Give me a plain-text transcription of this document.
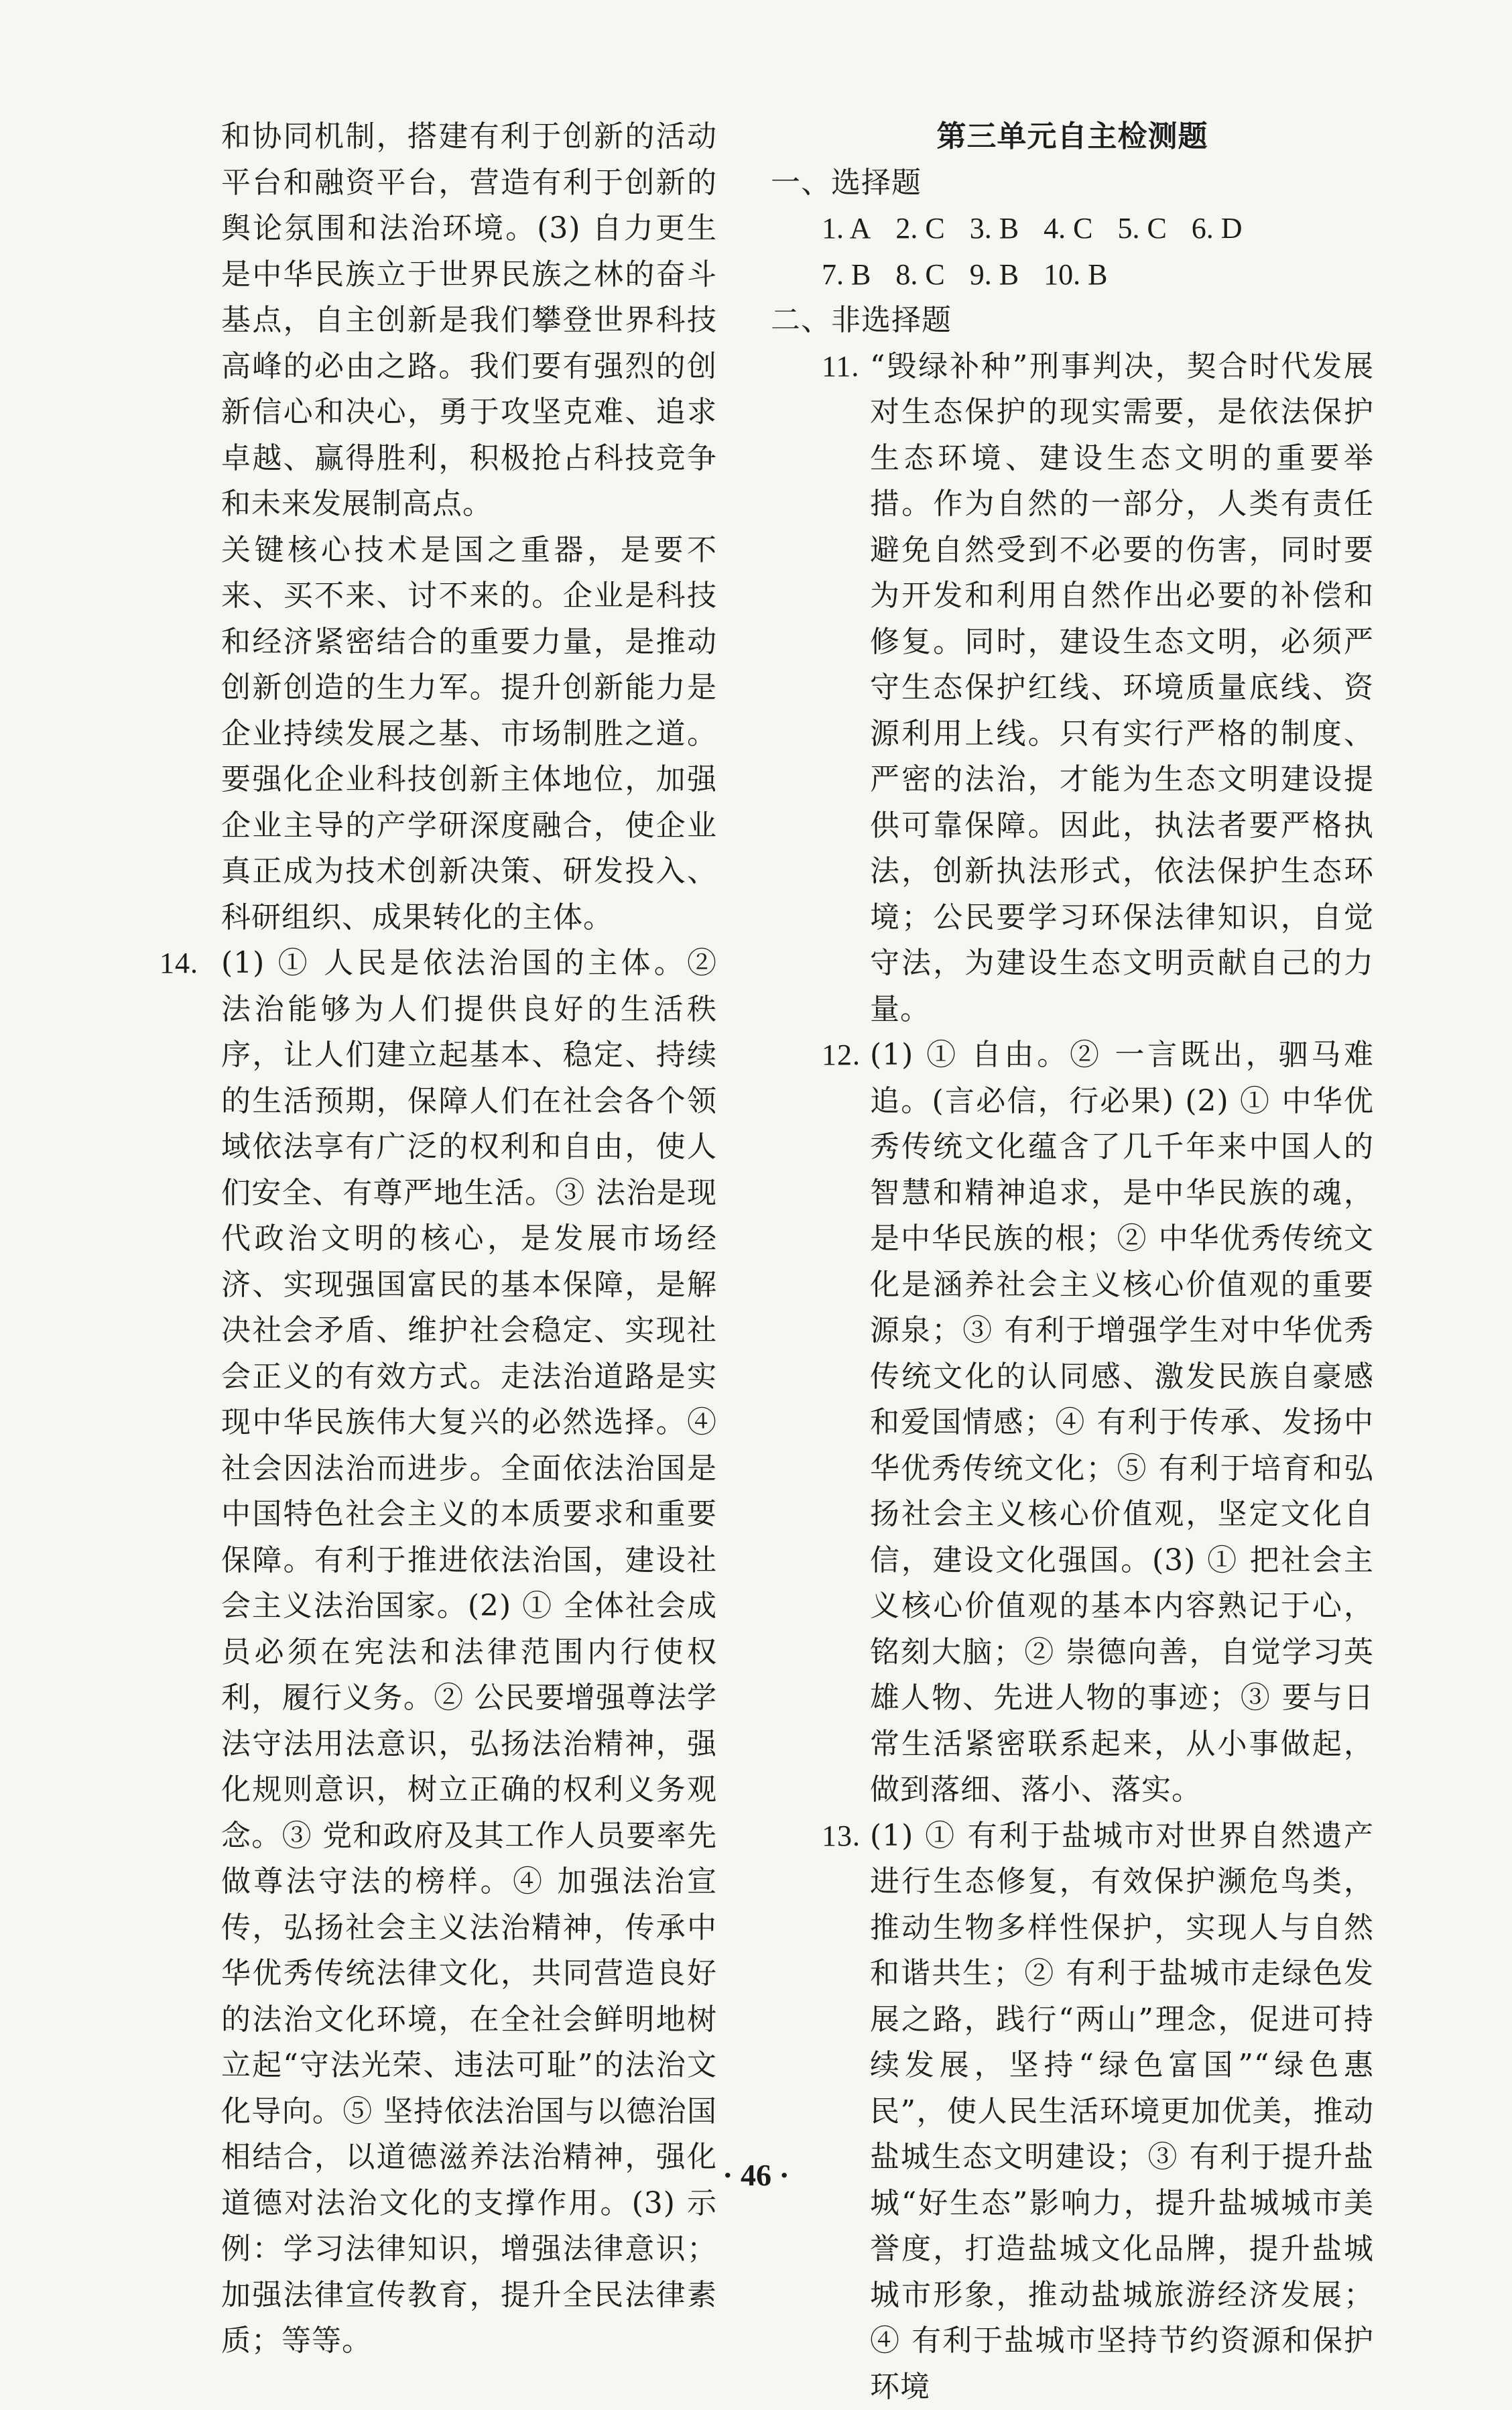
和协同机制，搭建有利于创新的活动平台和融资平台，营造有利于创新的舆论氛围和法治环境。(3) 自力更生是中华民族立于世界民族之林的奋斗基点，自主创新是我们攀登世界科技高峰的必由之路。我们要有强烈的创新信心和决心，勇于攻坚克难、追求卓越、赢得胜利，积极抢占科技竞争和未来发展制高点。
关键核心技术是国之重器，是要不来、买不来、讨不来的。企业是科技和经济紧密结合的重要力量，是推动创新创造的生力军。提升创新能力是企业持续发展之基、市场制胜之道。要强化企业科技创新主体地位，加强企业主导的产学研深度融合，使企业真正成为技术创新决策、研发投入、科研组织、成果转化的主体。
14. (1) ① 人民是依法治国的主体。② 法治能够为人们提供良好的生活秩序，让人们建立起基本、稳定、持续的生活预期，保障人们在社会各个领域依法享有广泛的权利和自由，使人们安全、有尊严地生活。③ 法治是现代政治文明的核心，是发展市场经济、实现强国富民的基本保障，是解决社会矛盾、维护社会稳定、实现社会正义的有效方式。走法治道路是实现中华民族伟大复兴的必然选择。④ 社会因法治而进步。全面依法治国是中国特色社会主义的本质要求和重要保障。有利于推进依法治国，建设社会主义法治国家。(2) ① 全体社会成员必须在宪法和法律范围内行使权利，履行义务。② 公民要增强尊法学法守法用法意识，弘扬法治精神，强化规则意识，树立正确的权利义务观念。③ 党和政府及其工作人员要率先做尊法守法的榜样。④ 加强法治宣传，弘扬社会主义法治精神，传承中华优秀传统法律文化，共同营造良好的法治文化环境，在全社会鲜明地树立起“守法光荣、违法可耻”的法治文化导向。⑤ 坚持依法治国与以德治国相结合，以道德滋养法治精神，强化道德对法治文化的支撑作用。(3) 示例：学习法律知识，增强法律意识；加强法律宣传教育，提升全民法律素质；等等。
第三单元自主检测题
一、选择题
1. A 2. C 3. B 4. C 5. C 6. D
7. B 8. C 9. B 10. B
二、非选择题
11. “毁绿补种”刑事判决，契合时代发展对生态保护的现实需要，是依法保护生态环境、建设生态文明的重要举措。作为自然的一部分，人类有责任避免自然受到不必要的伤害，同时要为开发和利用自然作出必要的补偿和修复。同时，建设生态文明，必须严守生态保护红线、环境质量底线、资源利用上线。只有实行严格的制度、严密的法治，才能为生态文明建设提供可靠保障。因此，执法者要严格执法，创新执法形式，依法保护生态环境；公民要学习环保法律知识，自觉守法，为建设生态文明贡献自己的力量。
12. (1) ① 自由。② 一言既出，驷马难追。(言必信，行必果) (2) ① 中华优秀传统文化蕴含了几千年来中国人的智慧和精神追求，是中华民族的魂，是中华民族的根；② 中华优秀传统文化是涵养社会主义核心价值观的重要源泉；③ 有利于增强学生对中华优秀传统文化的认同感、激发民族自豪感和爱国情感；④ 有利于传承、发扬中华优秀传统文化；⑤ 有利于培育和弘扬社会主义核心价值观，坚定文化自信，建设文化强国。(3) ① 把社会主义核心价值观的基本内容熟记于心，铭刻大脑；② 崇德向善，自觉学习英雄人物、先进人物的事迹；③ 要与日常生活紧密联系起来，从小事做起，做到落细、落小、落实。
13. (1) ① 有利于盐城市对世界自然遗产进行生态修复，有效保护濒危鸟类，推动生物多样性保护，实现人与自然和谐共生；② 有利于盐城市走绿色发展之路，践行“两山”理念，促进可持续发展，坚持“绿色富国”“绿色惠民”，使人民生活环境更加优美，推动盐城生态文明建设；③ 有利于提升盐城“好生态”影响力，提升盐城城市美誉度，打造盐城文化品牌，提升盐城城市形象，推动盐城旅游经济发展；④ 有利于盐城市坚持节约资源和保护环境
· 46 ·
